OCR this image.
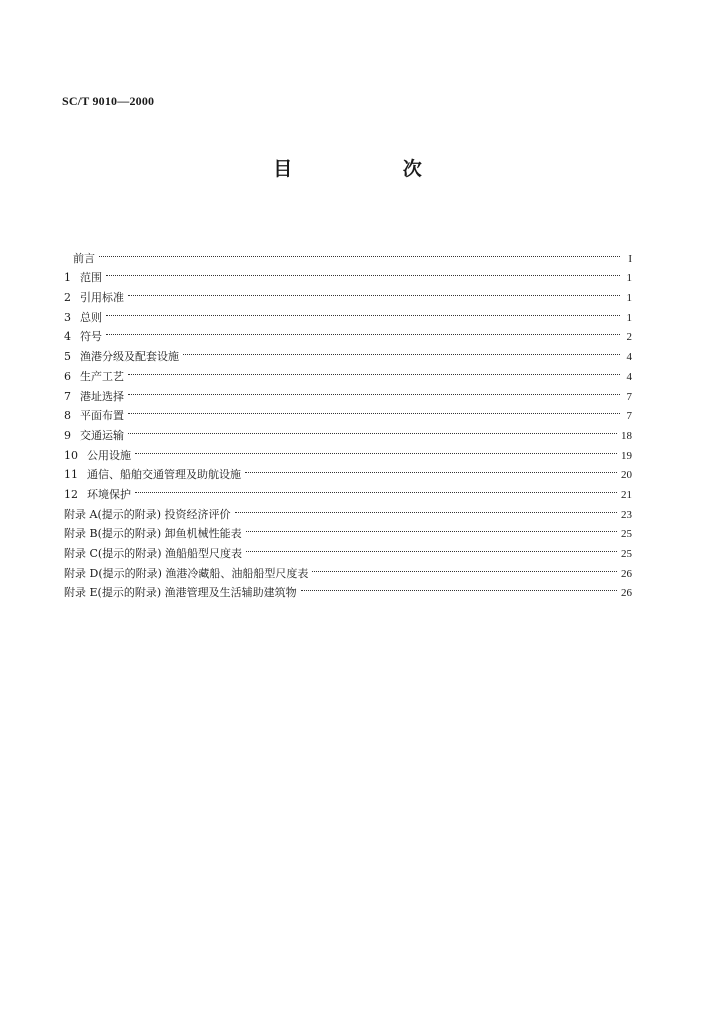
SC/T 9010—2000
目 次
前言	I
1 范围	1
2 引用标准	1
3 总则	1
4 符号	2
5 渔港分级及配套设施	4
6 生产工艺	4
7 港址选择	7
8 平面布置	7
9 交通运输	18
10 公用设施	19
11 通信、船舶交通管理及助航设施	20
12 环境保护	21
附录 A(提示的附录) 投资经济评价	23
附录 B(提示的附录) 卸鱼机械性能表	25
附录 C(提示的附录) 渔船船型尺度表	25
附录 D(提示的附录) 渔港冷藏船、油船船型尺度表	26
附录 E(提示的附录) 渔港管理及生活辅助建筑物	26
